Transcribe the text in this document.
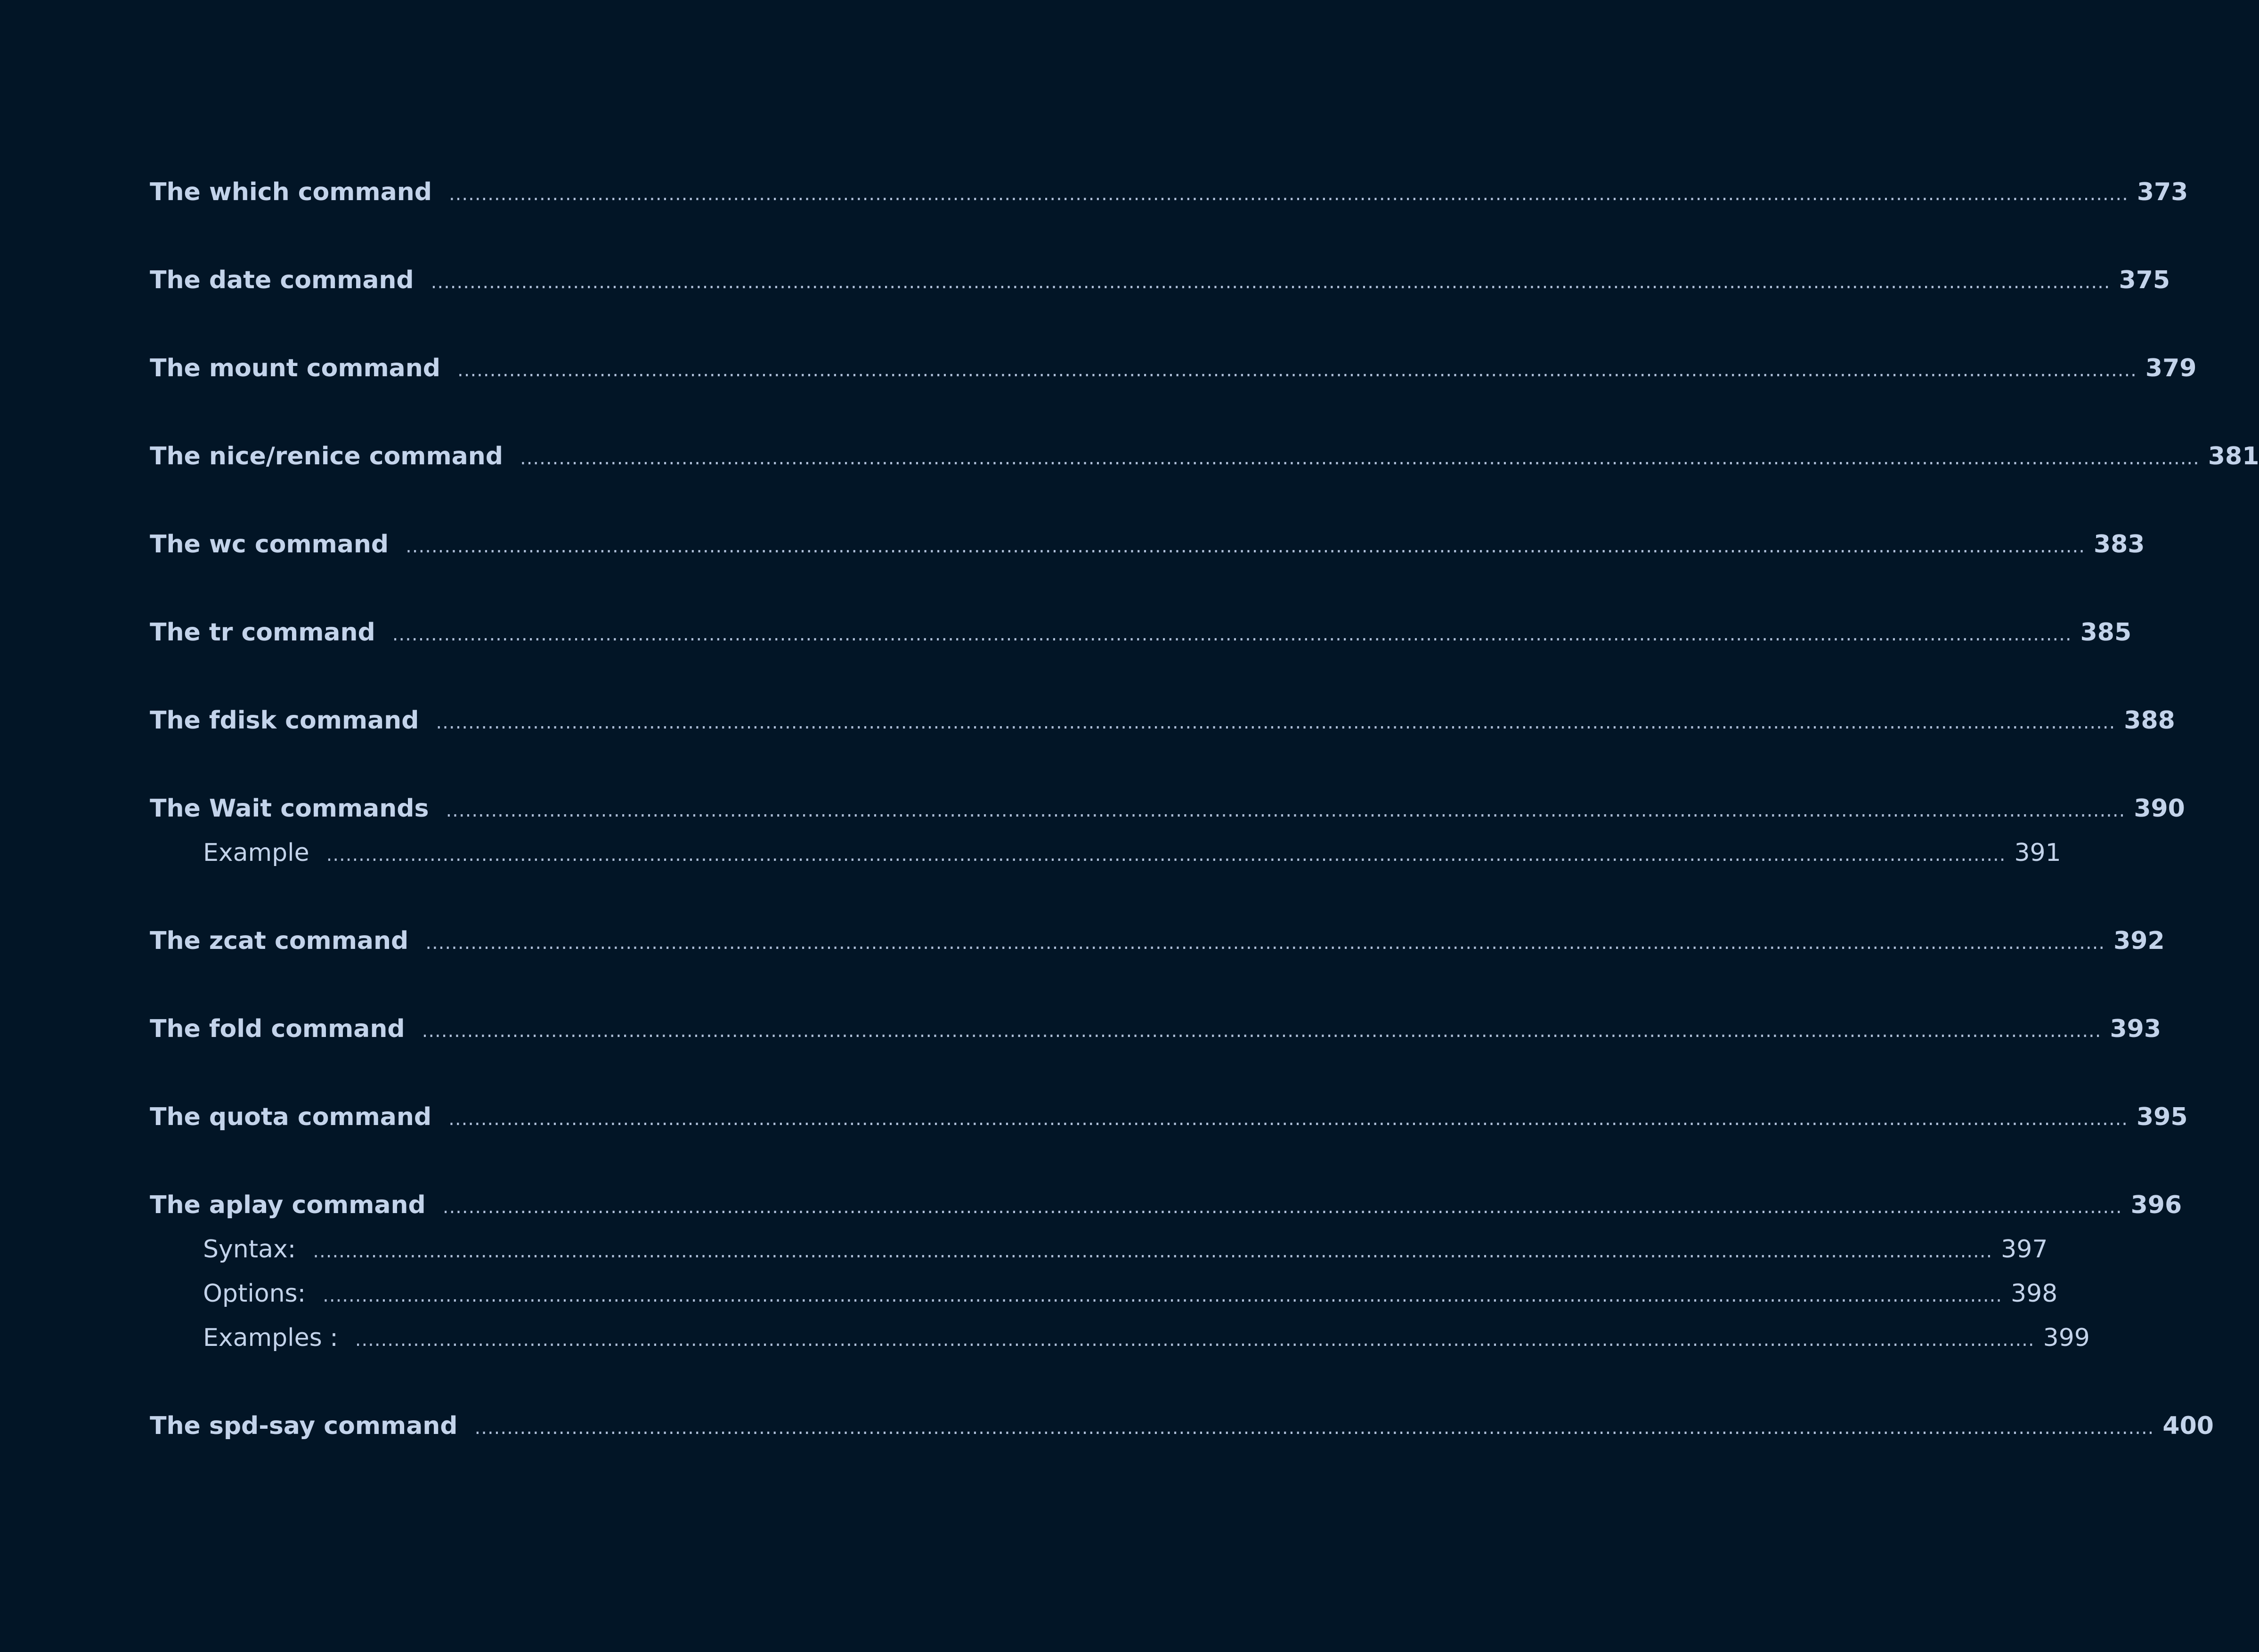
The which command .................................................................................................................................................................................................................................................................... 373
The date command .................................................................................................................................................................................................................................................................... 375
The mount command .................................................................................................................................................................................................................................................................... 379
The nice/renice command .................................................................................................................................................................................................................................................................... 381
The wc command .................................................................................................................................................................................................................................................................... 383
The tr command .................................................................................................................................................................................................................................................................... 385
The fdisk command .................................................................................................................................................................................................................................................................... 388
The Wait commands .................................................................................................................................................................................................................................................................... 390
Example .................................................................................................................................................................................................................................................................... 391
The zcat command .................................................................................................................................................................................................................................................................... 392
The fold command .................................................................................................................................................................................................................................................................... 393
The quota command .................................................................................................................................................................................................................................................................... 395
The aplay command .................................................................................................................................................................................................................................................................... 396
Syntax: .................................................................................................................................................................................................................................................................... 397
Options: .................................................................................................................................................................................................................................................................... 398
Examples : .................................................................................................................................................................................................................................................................... 399
The spd-say command .................................................................................................................................................................................................................................................................... 400
